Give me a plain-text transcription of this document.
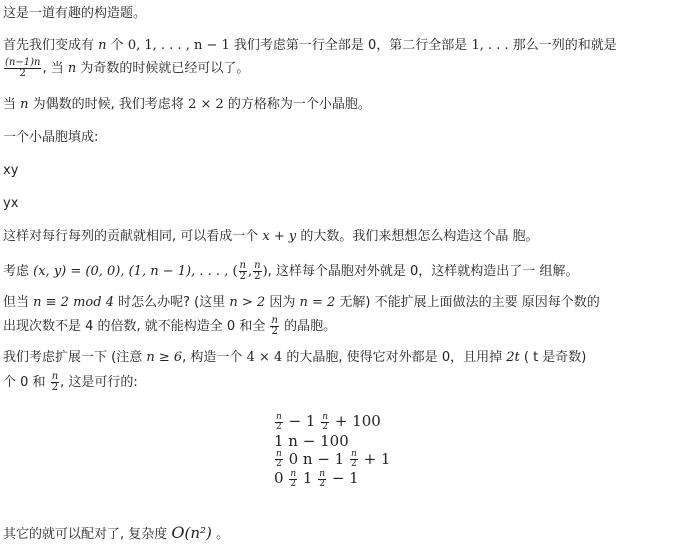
这是一道有趣的构造题。
首先我们变成有 n 个 0, 1, . . . , n − 1 我们考虑第一行全部是 0，第二行全部是 1, . . . 那么一列的和就是
$\frac{(n-1)n}{2}$ , 当 n 为奇数的时候就已经可以了。
当 n 为偶数的时候, 我们考虑将 2 × 2 的方格称为一个小晶胞。
一个小晶胞填成:
xy
yx
这样对每行每列的贡献就相同, 可以看成一个 x + y 的大数。我们来想想怎么构造这个晶 胞。
考虑 (x, y) = (0, 0), (1, n − 1), . . . , ( $\frac{n}{2}$ , $\frac{n}{2}$ ), 这样每个晶胞对外就是 0，这样就构造出了一 组解。
但当 n ≡ 2 mod 4 时怎么办呢? (这里 n > 2 因为 n = 2 无解) 不能扩展上面做法的主要 原因每个数的
出现次数不是 4 的倍数, 就不能构造全 0 和全 $\frac{n}{2}$ 的晶胞。
我们考虑扩展一下 (注意 n ≥ 6, 构造一个 4 × 4 的大晶胞, 使得它对外都是 0，且用掉 2t ( t 是奇数)
个 0 和 $\frac{n}{2}$ , 这是可行的:
$\frac{n}{2} - 1 \frac{n}{2} + 100$
1 n − 100
$\frac{n}{2} 0$ $n - 1 \frac{n}{2} + 1$
$0 \frac{n}{2} 1 \frac{n}{2} - 1$
其它的就可以配对了, 复杂度 O(n²) 。
